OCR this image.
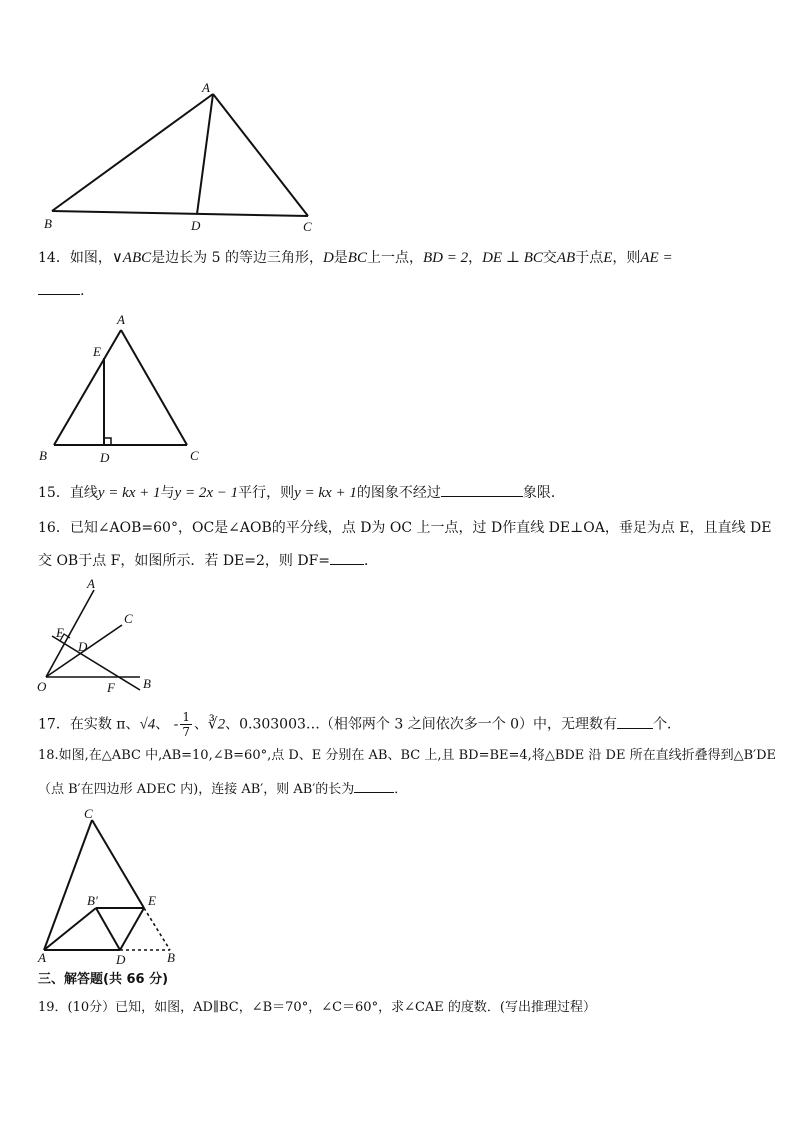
A
B	D	C
14．如图，∨ABC是边长为 5 的等边三角形，D是BC上一点，BD = 2，DE ⊥ BC交AB于点E，则AE =
.
A
E
B	D	C
15．直线y = kx + 1与y = 2x − 1平行，则y = kx + 1的图象不经过	象限．
16．已知∠AOB=60°，OC是∠AOB的平分线，点 D为 OC 上一点，过 D作直线 DE⊥OA，垂足为点 E，且直线 DE
交 OB于点 F，如图所示．若 DE=2，则 DF= ．
A
C
E
D
O	F B
17．在实数 π、√4、 - $\frac{1}{7}$ 、∛2、0.303003…（相邻两个 3 之间依次多一个 0）中，无理数有	个．
18.如图,在△ABC 中,AB=10,∠B=60°,点 D、E 分别在 AB、BC 上,且 BD=BE=4,将△BDE 沿 DE 所在直线折叠得到△B′DE
（点 B′在四边形 ADEC 内)，连接 AB′，则 AB′的长为	．
C
B′	E
A	D	B
三、解答题(共 66 分)
19．(10分）已知，如图，AD∥BC，∠B＝70°，∠C＝60°，求∠CAE 的度数．(写出推理过程）
